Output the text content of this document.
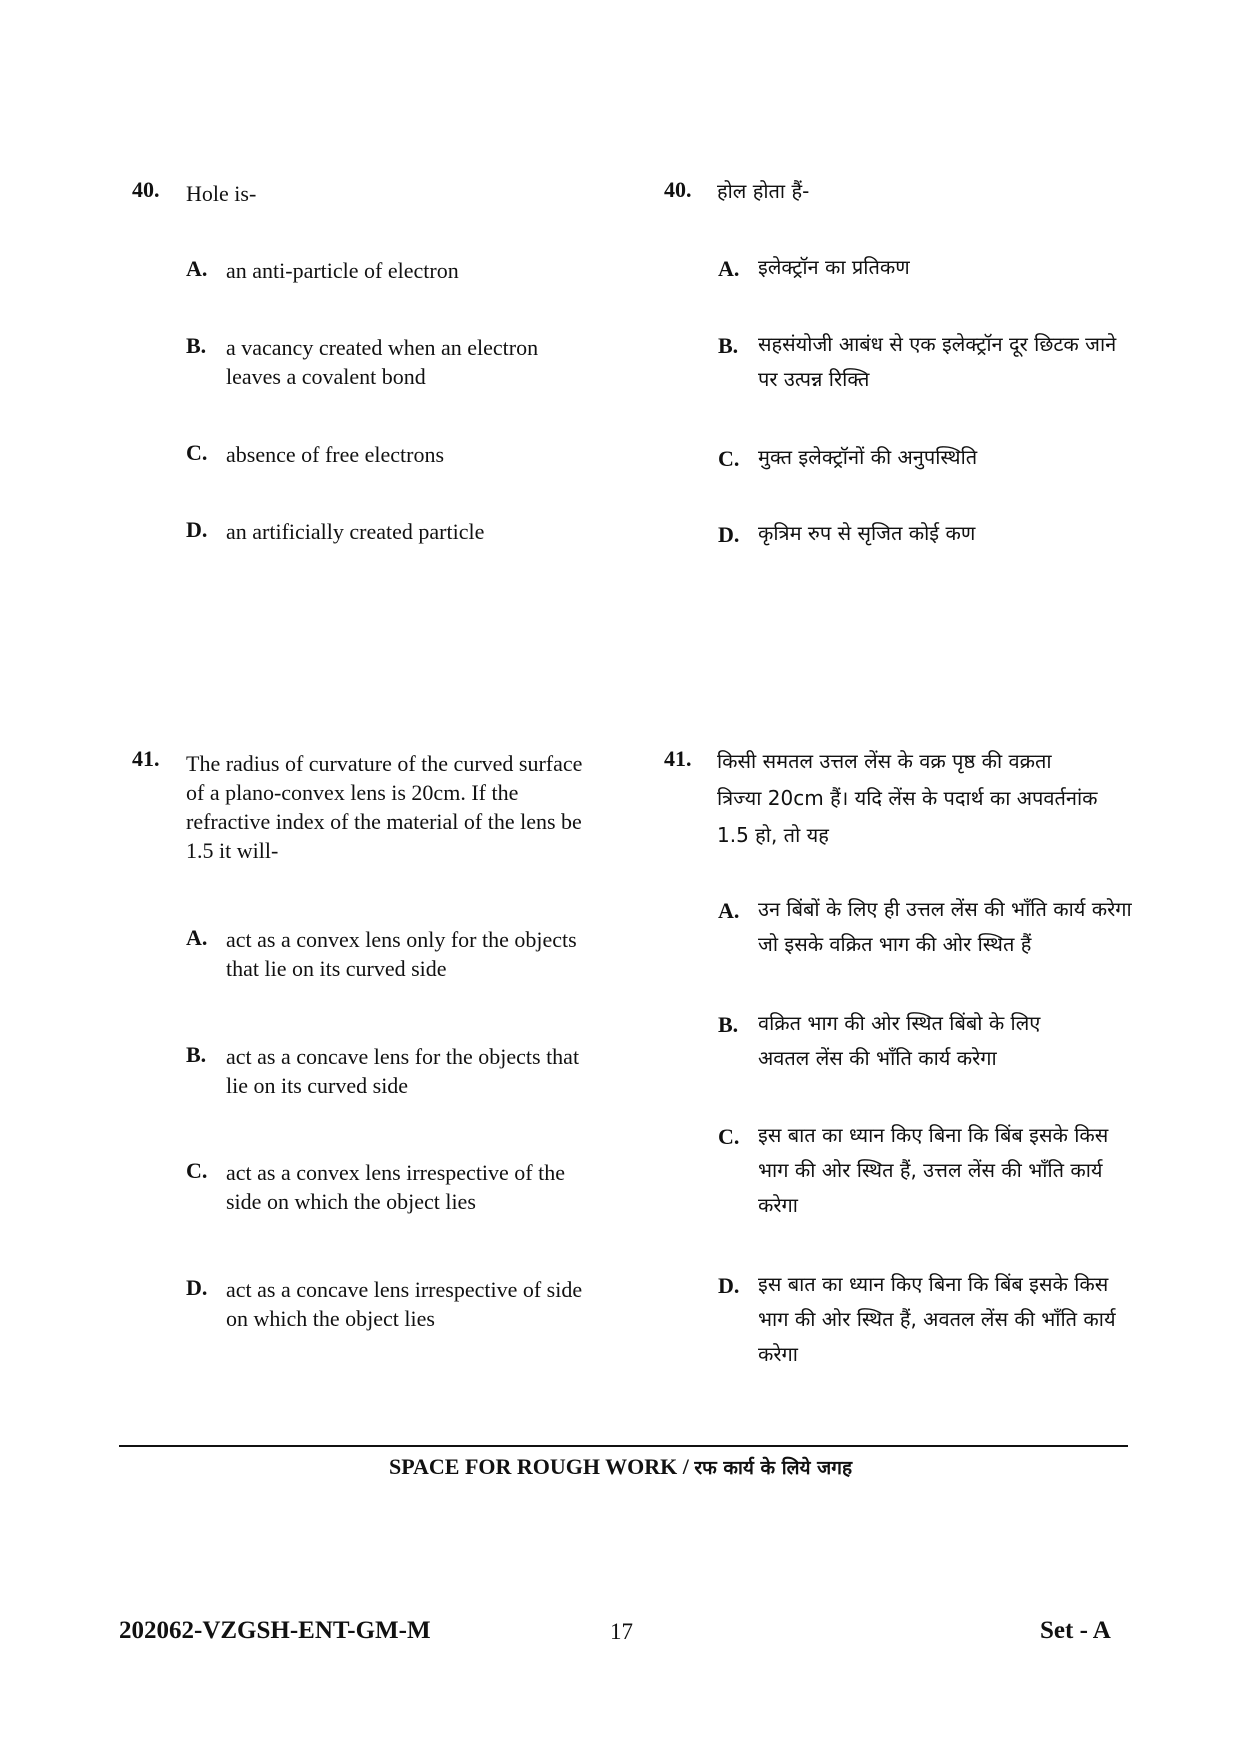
40. Hole is-
A. an anti-particle of electron
B. a vacancy created when an electron leaves a covalent bond
C. absence of free electrons
D. an artificially created particle
40. होल होता हैं-
A. इलेक्ट्रॉन का प्रतिकण
B. सहसंयोजी आबंध से एक इलेक्ट्रॉन दूर छिटक जाने पर उत्पन्न रिक्ति
C. मुक्त इलेक्ट्रॉनों की अनुपस्थिति
D. कृत्रिम रुप से सृजित कोई कण
41. The radius of curvature of the curved surface of a plano-convex lens is 20cm. If the refractive index of the material of the lens be 1.5 it will-
A. act as a convex lens only for the objects that lie on its curved side
B. act as a concave lens for the objects that lie on its curved side
C. act as a convex lens irrespective of the side on which the object lies
D. act as a concave lens irrespective of side on which the object lies
41. किसी समतल उत्तल लेंस के वक्र पृष्ठ की वक्रता त्रिज्या 20cm हैं। यदि लेंस के पदार्थ का अपवर्तनांक 1.5 हो, तो यह
A. उन बिंबों के लिए ही उत्तल लेंस की भाँति कार्य करेगा जो इसके वक्रित भाग की ओर स्थित हैं
B. वक्रित भाग की ओर स्थित बिंबो के लिए अवतल लेंस की भाँति कार्य करेगा
C. इस बात का ध्यान किए बिना कि बिंब इसके किस भाग की ओर स्थित हैं, उत्तल लेंस की भाँति कार्य करेगा
D. इस बात का ध्यान किए बिना कि बिंब इसके किस भाग की ओर स्थित हैं, अवतल लेंस की भाँति कार्य करेगा
SPACE FOR ROUGH WORK / रफ कार्य के लिये जगह
202062-VZGSH-ENT-GM-M	17	Set - A
